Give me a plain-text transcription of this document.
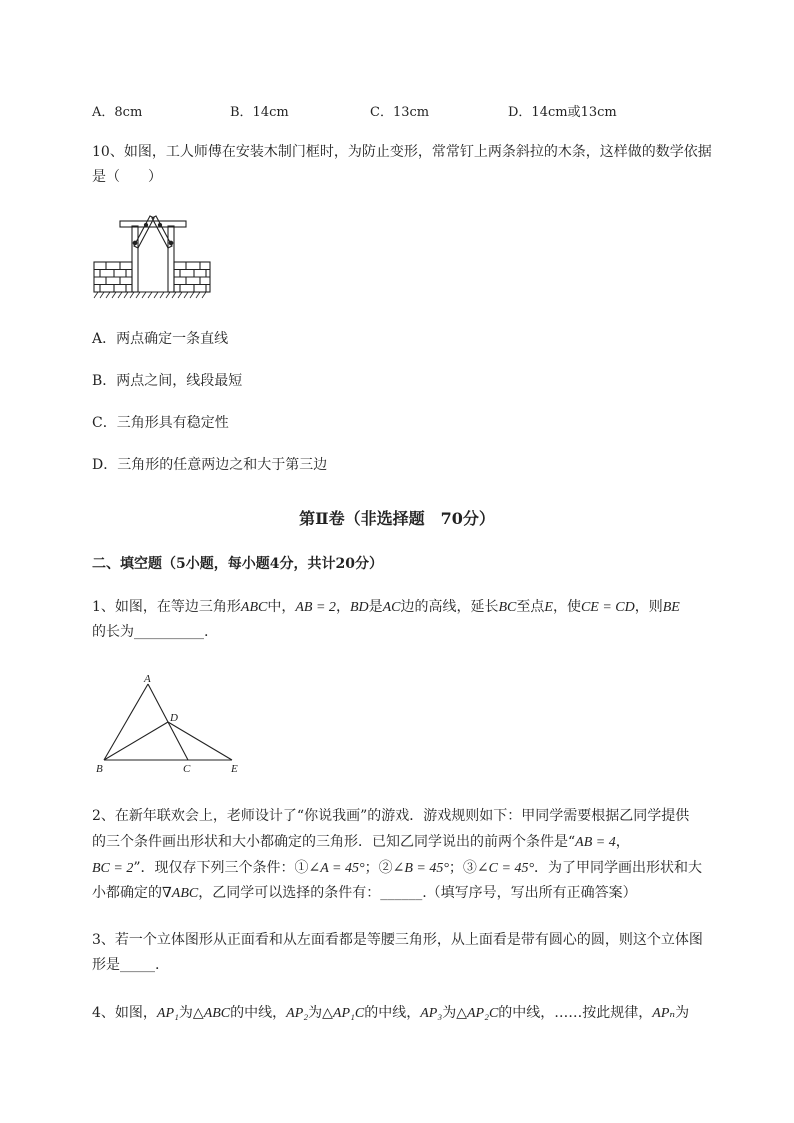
A．8cm	B．14cm	C．13cm	D．14cm或13cm
10、如图，工人师傅在安装木制门框时，为防止变形，常常钉上两条斜拉的木条，这样做的数学依据
是（　　）
A．两点确定一条直线
B．两点之间，线段最短
C．三角形具有稳定性
D．三角形的任意两边之和大于第三边
第Ⅱ卷（非选择题　70分）
二、填空题（5小题，每小题4分，共计20分）
1、如图，在等边三角形ABC中，AB = 2，BD是AC边的高线，延长BC至点E，使CE = CD，则BE
的长为__________.
A
D
B	C	E
2、在新年联欢会上，老师设计了“你说我画”的游戏．游戏规则如下：甲同学需要根据乙同学提供
的三个条件画出形状和大小都确定的三角形．已知乙同学说出的前两个条件是“AB = 4，
BC = 2”．现仅存下列三个条件：①∠A = 45°；②∠B = 45°；③∠C = 45°．为了甲同学画出形状和大
小都确定的∇ABC，乙同学可以选择的条件有：______.（填写序号，写出所有正确答案）
3、若一个立体图形从正面看和从左面看都是等腰三角形，从上面看是带有圆心的圆，则这个立体图
形是_____.
4、如图，AP₁为△ABC的中线，AP₂为△AP₁C的中线，AP₃为△AP₂C的中线，……按此规律，APₙ为
